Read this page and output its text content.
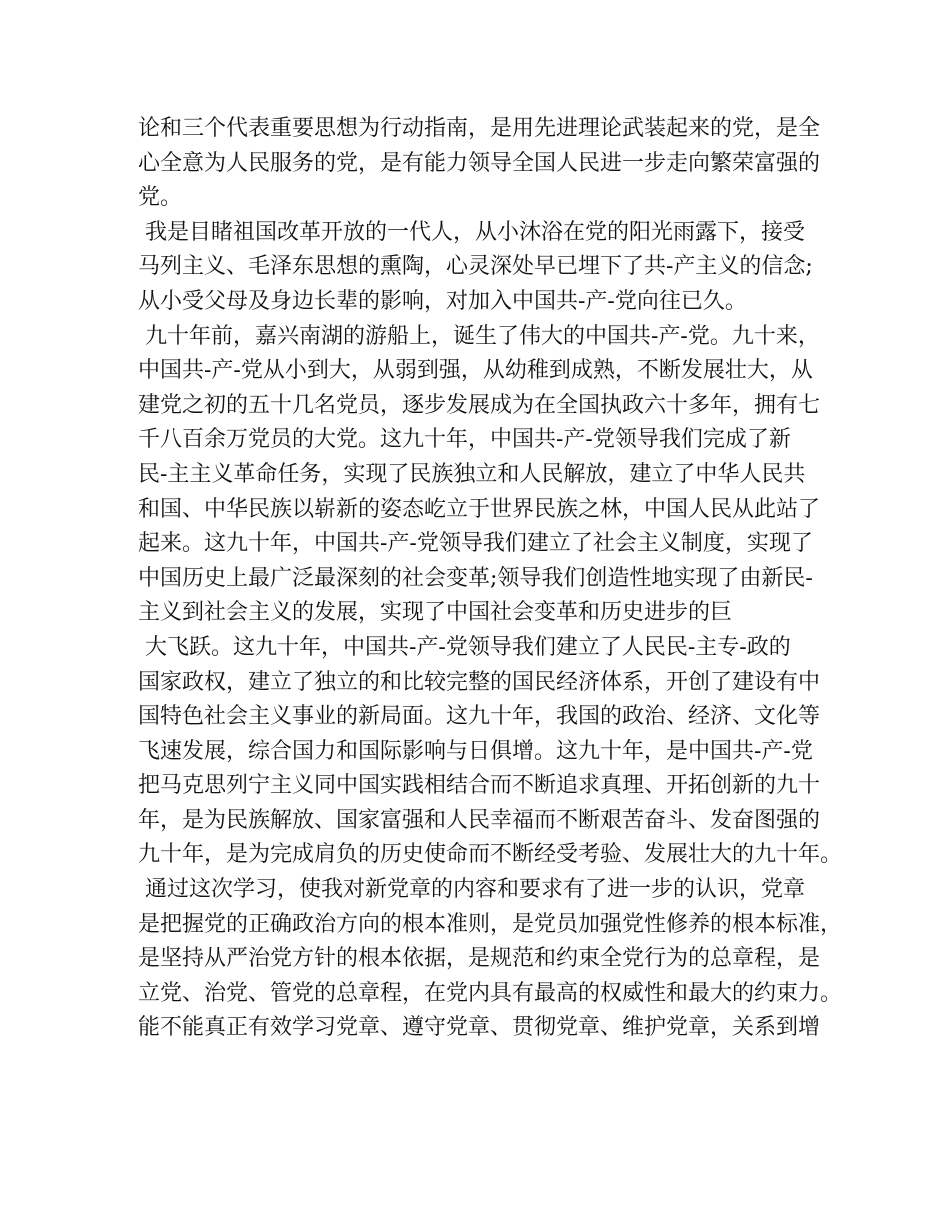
论和三个代表重要思想为行动指南，是用先进理论武装起来的党，是全
心全意为人民服务的党，是有能力领导全国人民进一步走向繁荣富强的
党。
我是目睹祖国改革开放的一代人，从小沐浴在党的阳光雨露下，接受
马列主义、毛泽东思想的熏陶，心灵深处早已埋下了共-产主义的信念;
从小受父母及身边长辈的影响，对加入中国共-产-党向往已久。
九十年前，嘉兴南湖的游船上，诞生了伟大的中国共-产-党。九十来，
中国共-产-党从小到大，从弱到强，从幼稚到成熟，不断发展壮大，从
建党之初的五十几名党员，逐步发展成为在全国执政六十多年，拥有七
千八百余万党员的大党。这九十年，中国共-产-党领导我们完成了新
民-主主义革命任务，实现了民族独立和人民解放，建立了中华人民共
和国、中华民族以崭新的姿态屹立于世界民族之林，中国人民从此站了
起来。这九十年，中国共-产-党领导我们建立了社会主义制度，实现了
中国历史上最广泛最深刻的社会变革;领导我们创造性地实现了由新民-
主义到社会主义的发展，实现了中国社会变革和历史进步的巨
大飞跃。这九十年，中国共-产-党领导我们建立了人民民-主专-政的
国家政权，建立了独立的和比较完整的国民经济体系，开创了建设有中
国特色社会主义事业的新局面。这九十年，我国的政治、经济、文化等
飞速发展，综合国力和国际影响与日俱增。这九十年，是中国共-产-党
把马克思列宁主义同中国实践相结合而不断追求真理、开拓创新的九十
年，是为民族解放、国家富强和人民幸福而不断艰苦奋斗、发奋图强的
九十年，是为完成肩负的历史使命而不断经受考验、发展壮大的九十年。
通过这次学习，使我对新党章的内容和要求有了进一步的认识，党章
是把握党的正确政治方向的根本准则，是党员加强党性修养的根本标准，
是坚持从严治党方针的根本依据，是规范和约束全党行为的总章程，是
立党、治党、管党的总章程，在党内具有最高的权威性和最大的约束力。
能不能真正有效学习党章、遵守党章、贯彻党章、维护党章，关系到增
